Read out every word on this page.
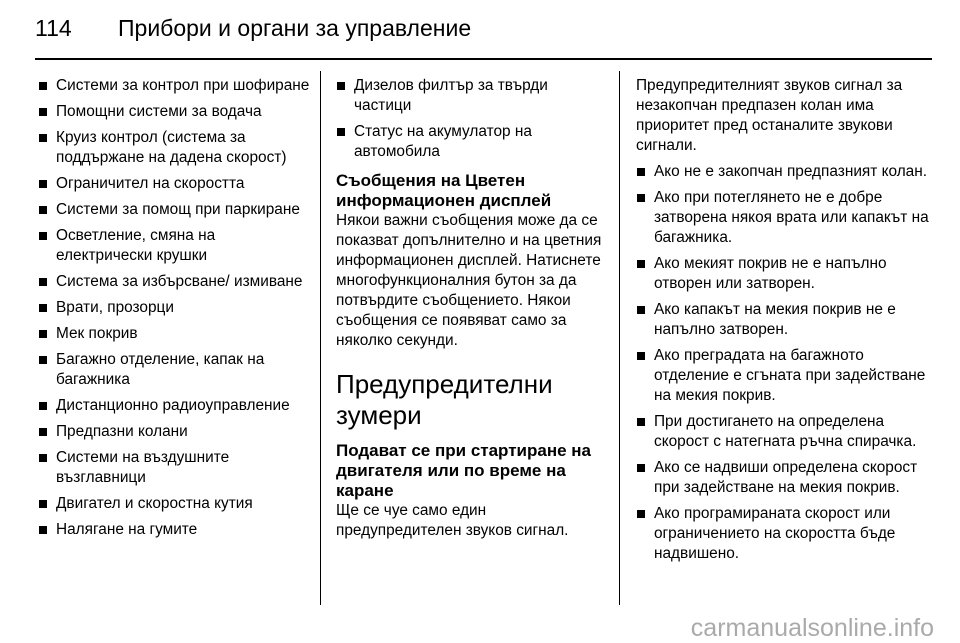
114 Прибори и органи за управление
Системи за контрол при шофиране
Помощни системи за водача
Круиз контрол (система за поддържане на дадена скорост)
Ограничител на скоростта
Системи за помощ при паркиране
Осветление, смяна на електрически крушки
Система за избърсване/ измиване
Врати, прозорци
Мек покрив
Багажно отделение, капак на багажника
Дистанционно радиоуправление
Предпазни колани
Системи на въздушните възглавници
Двигател и скоростна кутия
Налягане на гумите
Дизелов филтър за твърди частици
Статус на акумулатор на автомобила
Съобщения на Цветен информационен дисплей

Някои важни съобщения може да се показват допълнително и на цветния информационен дисплей. Натиснете многофункционалния бутон за да потвърдите съобщението. Някои съобщения се появяват само за няколко секунди.

Предупредителни зумери
Подават се при стартиране на двигателя или по време на каране

Ще се чуе само един предупредителен звуков сигнал.

Предупредителният звуков сигнал за незакопчан предпазен колан има приоритет пред останалите звукови сигнали.

Ако не е закопчан предпазният колан.
Ако при потеглянето не е добре затворена някоя врата или капакът на багажника.
Ако мекият покрив не е напълно отворен или затворен.
Ако капакът на мекия покрив не е напълно затворен.
Ако преградата на багажното отделение е сгъната при задействане на мекия покрив.
При достигането на определена скорост с натегната ръчна спирачка.
Ако се надвиши определена скорост при задействане на мекия покрив.
Ако програмираната скорост или ограничението на скоростта бъде надвишено.
carmanualsonline.info
